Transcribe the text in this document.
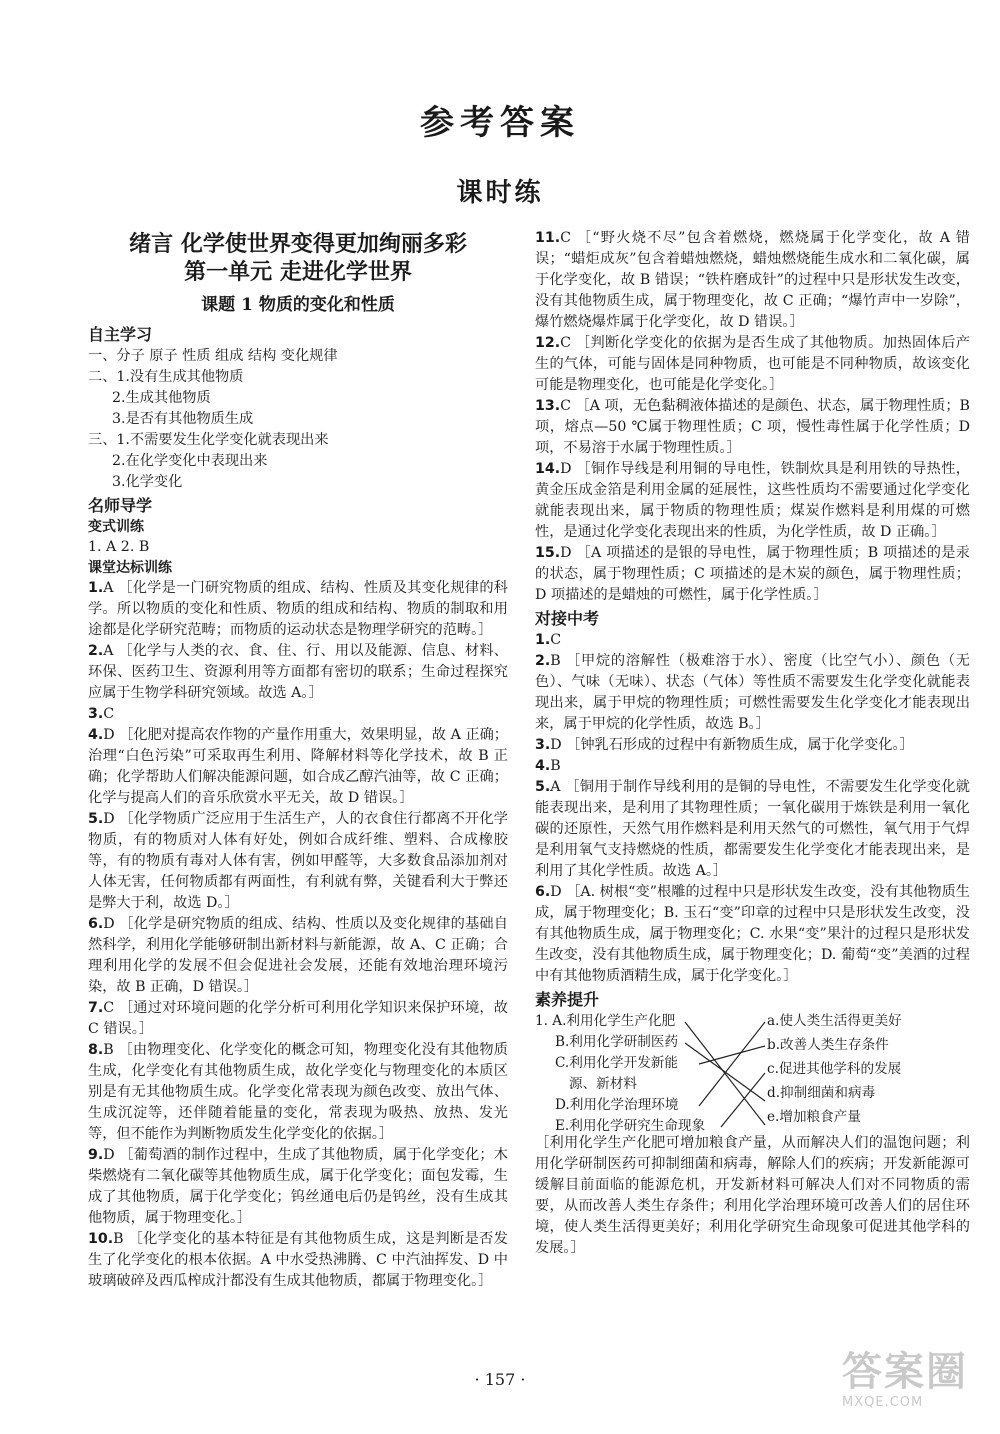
参考答案
课时练
绪言 化学使世界变得更加绚丽多彩
第一单元 走进化学世界
课题 1 物质的变化和性质
自主学习
一、分子 原子 性质 组成 结构 变化规律
二、1.没有生成其他物质
2.生成其他物质
3.是否有其他物质生成
三、1.不需要发生化学变化就表现出来
2.在化学变化中表现出来
3.化学变化
名师导学
变式训练
1. A 2. B
课堂达标训练

1.A ［化学是一门研究物质的组成、结构、性质及其变化规律的科学。所以物质的变化和性质、物质的组成和结构、物质的制取和用途都是化学研究范畴；而物质的运动状态是物理学研究的范畴。］

2.A ［化学与人类的衣、食、住、行、用以及能源、信息、材料、环保、医药卫生、资源利用等方面都有密切的联系；生命过程探究应属于生物学科研究领域。故选 A。］

3.C

4.D ［化肥对提高农作物的产量作用重大，效果明显，故 A 正确；治理“白色污染”可采取再生利用、降解材料等化学技术，故 B 正确；化学帮助人们解决能源问题，如合成乙醇汽油等，故 C 正确；化学与提高人们的音乐欣赏水平无关，故 D 错误。］

5.D ［化学物质广泛应用于生活生产，人的衣食住行都离不开化学物质，有的物质对人体有好处，例如合成纤维、塑料、合成橡胶等，有的物质有毒对人体有害，例如甲醛等，大多数食品添加剂对人体无害，任何物质都有两面性，有利就有弊，关键看利大于弊还是弊大于利，故选 D。］

6.D ［化学是研究物质的组成、结构、性质以及变化规律的基础自然科学，利用化学能够研制出新材料与新能源，故 A、C 正确；合理利用化学的发展不但会促进社会发展，还能有效地治理环境污染，故 B 正确，D 错误。］

7.C ［通过对环境问题的化学分析可利用化学知识来保护环境，故 C 错误。］

8.B ［由物理变化、化学变化的概念可知，物理变化没有其他物质生成，化学变化有其他物质生成，故化学变化与物理变化的本质区别是有无其他物质生成。化学变化常表现为颜色改变、放出气体、生成沉淀等，还伴随着能量的变化，常表现为吸热、放热、发光等，但不能作为判断物质发生化学变化的依据。］

9.D ［葡萄酒的制作过程中，生成了其他物质，属于化学变化；木柴燃烧有二氧化碳等其他物质生成，属于化学变化；面包发霉，生成了其他物质，属于化学变化；钨丝通电后仍是钨丝，没有生成其他物质，属于物理变化。］

10.B ［化学变化的基本特征是有其他物质生成，这是判断是否发生了化学变化的根本依据。A 中水受热沸腾、C 中汽油挥发、D 中玻璃破碎及西瓜榨成汁都没有生成其他物质，都属于物理变化。］

11.C ［“野火烧不尽”包含着燃烧，燃烧属于化学变化，故 A 错误；“蜡炬成灰”包含着蜡烛燃烧，蜡烛燃烧能生成水和二氧化碳，属于化学变化，故 B 错误；“铁杵磨成针”的过程中只是形状发生改变，没有其他物质生成，属于物理变化，故 C 正确；“爆竹声中一岁除”，爆竹燃烧爆炸属于化学变化，故 D 错误。］

12.C ［判断化学变化的依据为是否生成了其他物质。加热固体后产生的气体，可能与固体是同种物质，也可能是不同种物质，故该变化可能是物理变化，也可能是化学变化。］

13.C ［A 项，无色黏稠液体描述的是颜色、状态，属于物理性质；B 项，熔点—50 ℃属于物理性质；C 项，慢性毒性属于化学性质；D 项，不易溶于水属于物理性质。］

14.D ［铜作导线是利用铜的导电性，铁制炊具是利用铁的导热性，黄金压成金箔是利用金属的延展性，这些性质均不需要通过化学变化就能表现出来，属于物质的物理性质；煤炭作燃料是利用煤的可燃性，是通过化学变化表现出来的性质，为化学性质，故 D 正确。］

15.D ［A 项描述的是银的导电性，属于物理性质；B 项描述的是汞的状态，属于物理性质；C 项描述的是木炭的颜色，属于物理性质；D 项描述的是蜡烛的可燃性，属于化学性质。］

对接中考

1.C

2.B ［甲烷的溶解性（极难溶于水）、密度（比空气小）、颜色（无色）、气味（无味）、状态（气体）等性质不需要发生化学变化就能表现出来，属于甲烷的物理性质；可燃性需要发生化学变化才能表现出来，属于甲烷的化学性质，故选 B。］

3.D ［钟乳石形成的过程中有新物质生成，属于化学变化。］

4.B

5.A ［铜用于制作导线利用的是铜的导电性，不需要发生化学变化就能表现出来，是利用了其物理性质；一氧化碳用于炼铁是利用一氧化碳的还原性，天然气用作燃料是利用天然气的可燃性，氧气用于气焊是利用氧气支持燃烧的性质，都需要发生化学变化才能表现出来，是利用了其化学性质。故选 A。］

6.D ［A. 树根“变”根雕的过程中只是形状发生改变，没有其他物质生成，属于物理变化；B. 玉石“变”印章的过程中只是形状发生改变，没有其他物质生成，属于物理变化；C. 水果“变”果汁的过程只是形状发生改变，没有其他物质生成，属于物理变化；D. 葡萄“变”美酒的过程中有其他物质酒精生成，属于化学变化。］

素养提升
1. A.利用化学生产化肥
B.利用化学研制医药
C.利用化学开发新能
源、新材料
D.利用化学治理环境
E.利用化学研究生命现象
a.使人类生活得更美好
b.改善人类生存条件
c.促进其他学科的发展
d.抑制细菌和病毒
e.增加粮食产量

［利用化学生产化肥可增加粮食产量，从而解决人们的温饱问题；利用化学研制医药可抑制细菌和病毒，解除人们的疾病；开发新能源可缓解目前面临的能源危机，开发新材料可解决人们对不同物质的需要，从而改善人类生存条件；利用化学治理环境可改善人们的居住环境，使人类生活得更美好；利用化学研究生命现象可促进其他学科的发展。］

· 157 ·	答案圈
MXQE.COM
